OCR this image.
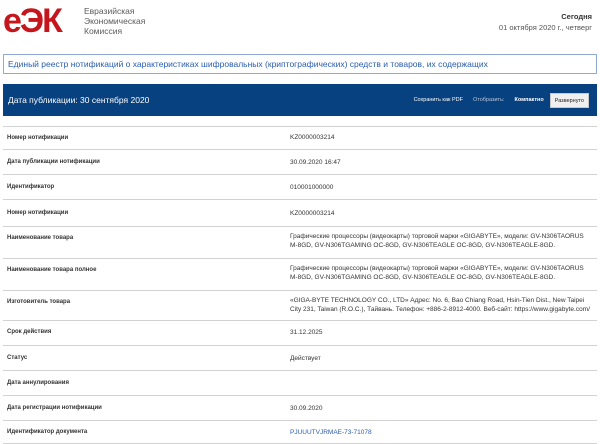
еЭК	Евразийская
Экономическая
Комиссия
Сегодня
01 октября 2020 г., четверг
Единый реестр нотификаций о характеристиках шифровальных (криптографических) средств и товаров, их содержащих
Дата публикации: 30 сентября 2020	Сохранить как PDF Отобразить: Компактно	Развернуто
Номер нотификации	KZ0000003214
Дата публикации нотификации	30.09.2020 16:47
Идентификатор	010001000000
Номер нотификации	KZ0000003214
Наименование товара	Графические процессоры (видеокарты) торговой марки «GIGABYTE», модели: GV-N306TAORUS M-8GD, GV-N306TGAMING OC-8GD, GV-N306TEAGLE OC-8GD, GV-N306TEAGLE-8GD.
Наименование товара полное	Графические процессоры (видеокарты) торговой марки «GIGABYTE», модели: GV-N306TAORUS M-8GD, GV-N306TGAMING OC-8GD, GV-N306TEAGLE OC-8GD, GV-N306TEAGLE-8GD.
Изготовитель товара	«GIGA-BYTE TECHNOLOGY CO., LTD» Адрес: No. 6, Bao Chiang Road, Hsin-Tien Dist., New Taipei City 231, Taiwan (R.O.C.), Тайвань. Телефон: +886-2-8912-4000. Веб-сайт: https://www.gigabyte.com/
Срок действия	31.12.2025
Статус	Действует
Дата аннулирования
Дата регистрации нотификации	30.09.2020
Идентификатор документа	PJUUUTVJRMAE-73-71078
